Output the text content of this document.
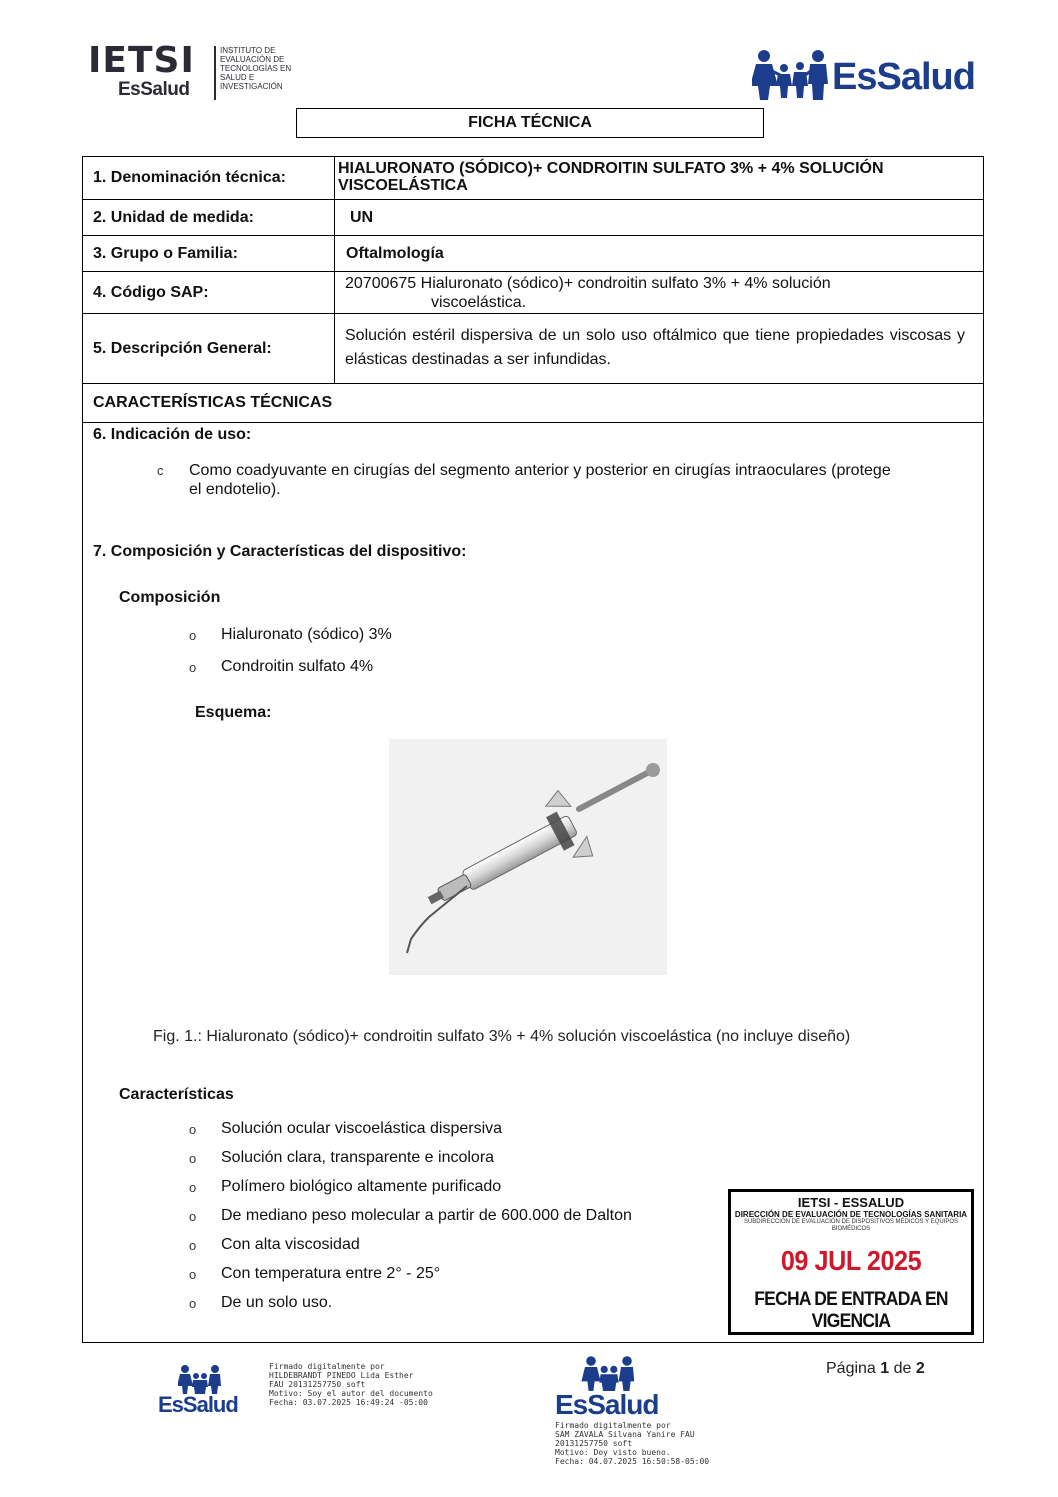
IETSI
EsSalud
INSTITUTO DE
EVALUACIÓN DE
TECNOLOGÍAS EN
SALUD E
INVESTIGACIÓN	EsSalud
FICHA TÉCNICA
1. Denominación técnica:
HIALURONATO (SÓDICO)+ CONDROITIN SULFATO 3% + 4% SOLUCIÓN VISCOELÁSTICA
2. Unidad de medida:	UN
3. Grupo o Familia:	Oftalmología
4. Código SAP:	20700675 Hialuronato (sódico)+ condroitin sulfato 3% + 4% solución
viscoelástica.
5. Descripción General:
Solución estéril dispersiva de un solo uso oftálmico que tiene propiedades viscosas y elásticas destinadas a ser infundidas.
CARACTERÍSTICAS TÉCNICAS
6. Indicación de uso:
c Como coadyuvante en cirugías del segmento anterior y posterior en cirugías intraoculares (protege
el endotelio).
7. Composición y Características del dispositivo:
Composición
o Hialuronato (sódico) 3%
o Condroitin sulfato 4%
Esquema:
Fig. 1.: Hialuronato (sódico)+ condroitin sulfato 3% + 4% solución viscoelástica (no incluye diseño)
Características
o Solución ocular viscoelástica dispersiva
o Solución clara, transparente e incolora
o Polímero biológico altamente purificado
o De mediano peso molecular a partir de 600.000 de Dalton
o Con alta viscosidad
o Con temperatura entre 2° - 25°
o De un solo uso.
IETSI - ESSALUD
DIRECCIÓN DE EVALUACIÓN DE TECNOLOGÍAS SANITARIA
SUBDIRECCIÓN DE EVALUACIÓN DE DISPOSITIVOS MÉDICOS Y EQUIPOS BIOMÉDICOS
09 JUL 2025
FECHA DE ENTRADA EN VIGENCIA
EsSalud
Firmado digitalmente por
HILDEBRANDT PINEDO Lida Esther
FAU 20131257750 soft
Motivo: Soy el autor del documento
Fecha: 03.07.2025 16:49:24 -05:00	EsSalud
Firmado digitalmente por
SAM ZAVALA Silvana Yanire FAU
20131257750 soft
Motivo: Doy visto bueno.
Fecha: 04.07.2025 16:50:58-05:00
Página 1 de 2
